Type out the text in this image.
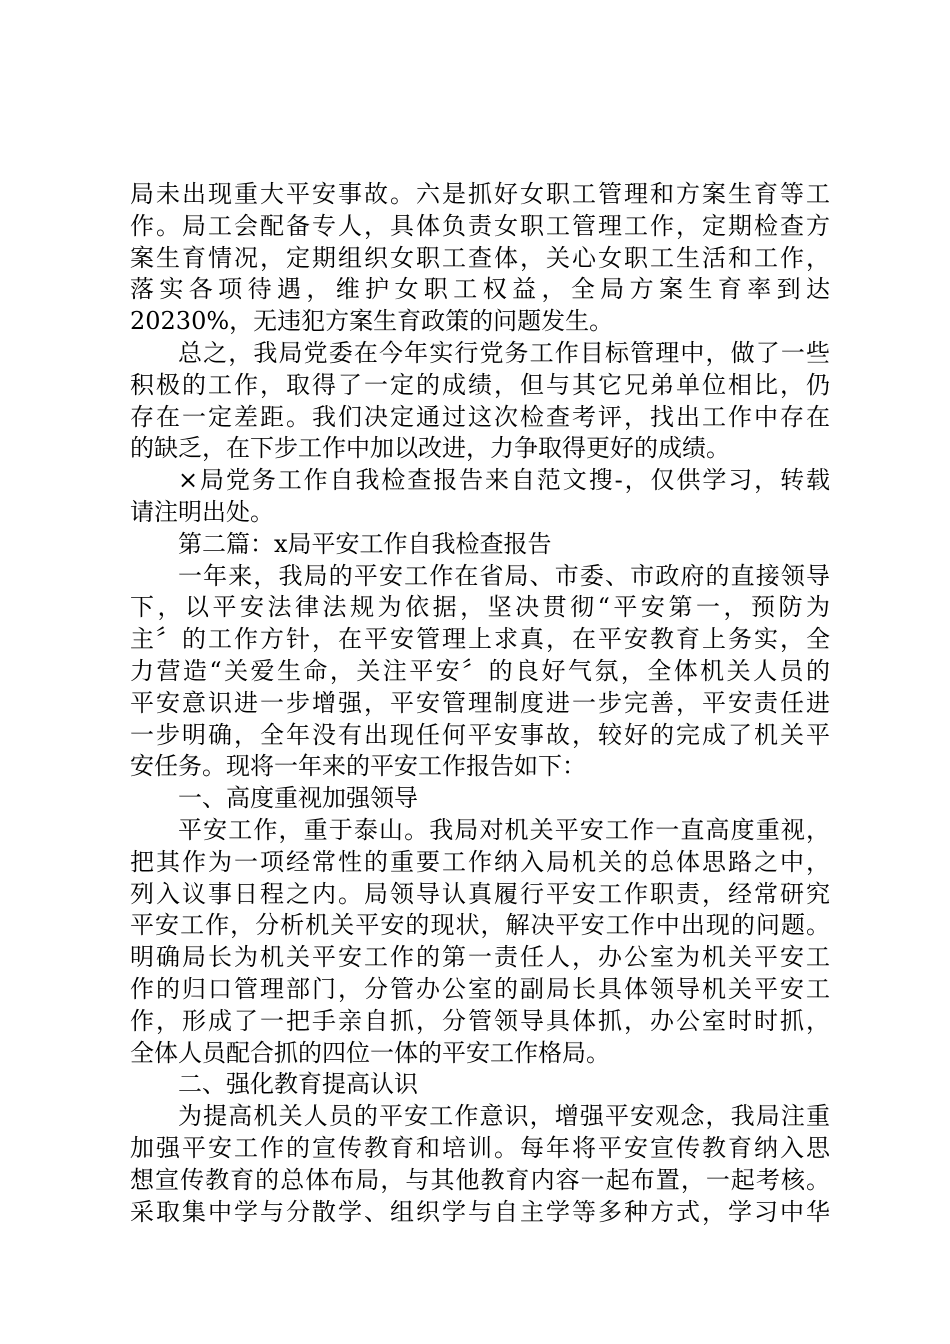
局未出现重大平安事故。六是抓好女职工管理和方案生育等工
作。局工会配备专人，具体负责女职工管理工作，定期检查方
案生育情况，定期组织女职工查体，关心女职工生活和工作，
落实各项待遇，维护女职工权益，全局方案生育率到达
20230%，无违犯方案生育政策的问题发生。
总之，我局党委在今年实行党务工作目标管理中，做了一些
积极的工作，取得了一定的成绩，但与其它兄弟单位相比，仍
存在一定差距。我们决定通过这次检查考评，找出工作中存在
的缺乏，在下步工作中加以改进，力争取得更好的成绩。
×局党务工作自我检查报告来自范文搜-，仅供学习，转载
请注明出处。
第二篇：x局平安工作自我检查报告
一年来，我局的平安工作在省局、市委、市政府的直接领导
下，以平安法律法规为依据，坚决贯彻“平安第一，预防为
主〞的工作方针，在平安管理上求真，在平安教育上务实，全
力营造“关爱生命，关注平安〞的良好气氛，全体机关人员的
平安意识进一步增强，平安管理制度进一步完善，平安责任进
一步明确，全年没有出现任何平安事故，较好的完成了机关平
安任务。现将一年来的平安工作报告如下：
一、高度重视加强领导
平安工作，重于泰山。我局对机关平安工作一直高度重视，
把其作为一项经常性的重要工作纳入局机关的总体思路之中，
列入议事日程之内。局领导认真履行平安工作职责，经常研究
平安工作，分析机关平安的现状，解决平安工作中出现的问题。
明确局长为机关平安工作的第一责任人，办公室为机关平安工
作的归口管理部门，分管办公室的副局长具体领导机关平安工
作，形成了一把手亲自抓，分管领导具体抓，办公室时时抓，
全体人员配合抓的四位一体的平安工作格局。
二、强化教育提高认识
为提高机关人员的平安工作意识，增强平安观念，我局注重
加强平安工作的宣传教育和培训。每年将平安宣传教育纳入思
想宣传教育的总体布局，与其他教育内容一起布置，一起考核。
采取集中学与分散学、组织学与自主学等多种方式，学习中华
